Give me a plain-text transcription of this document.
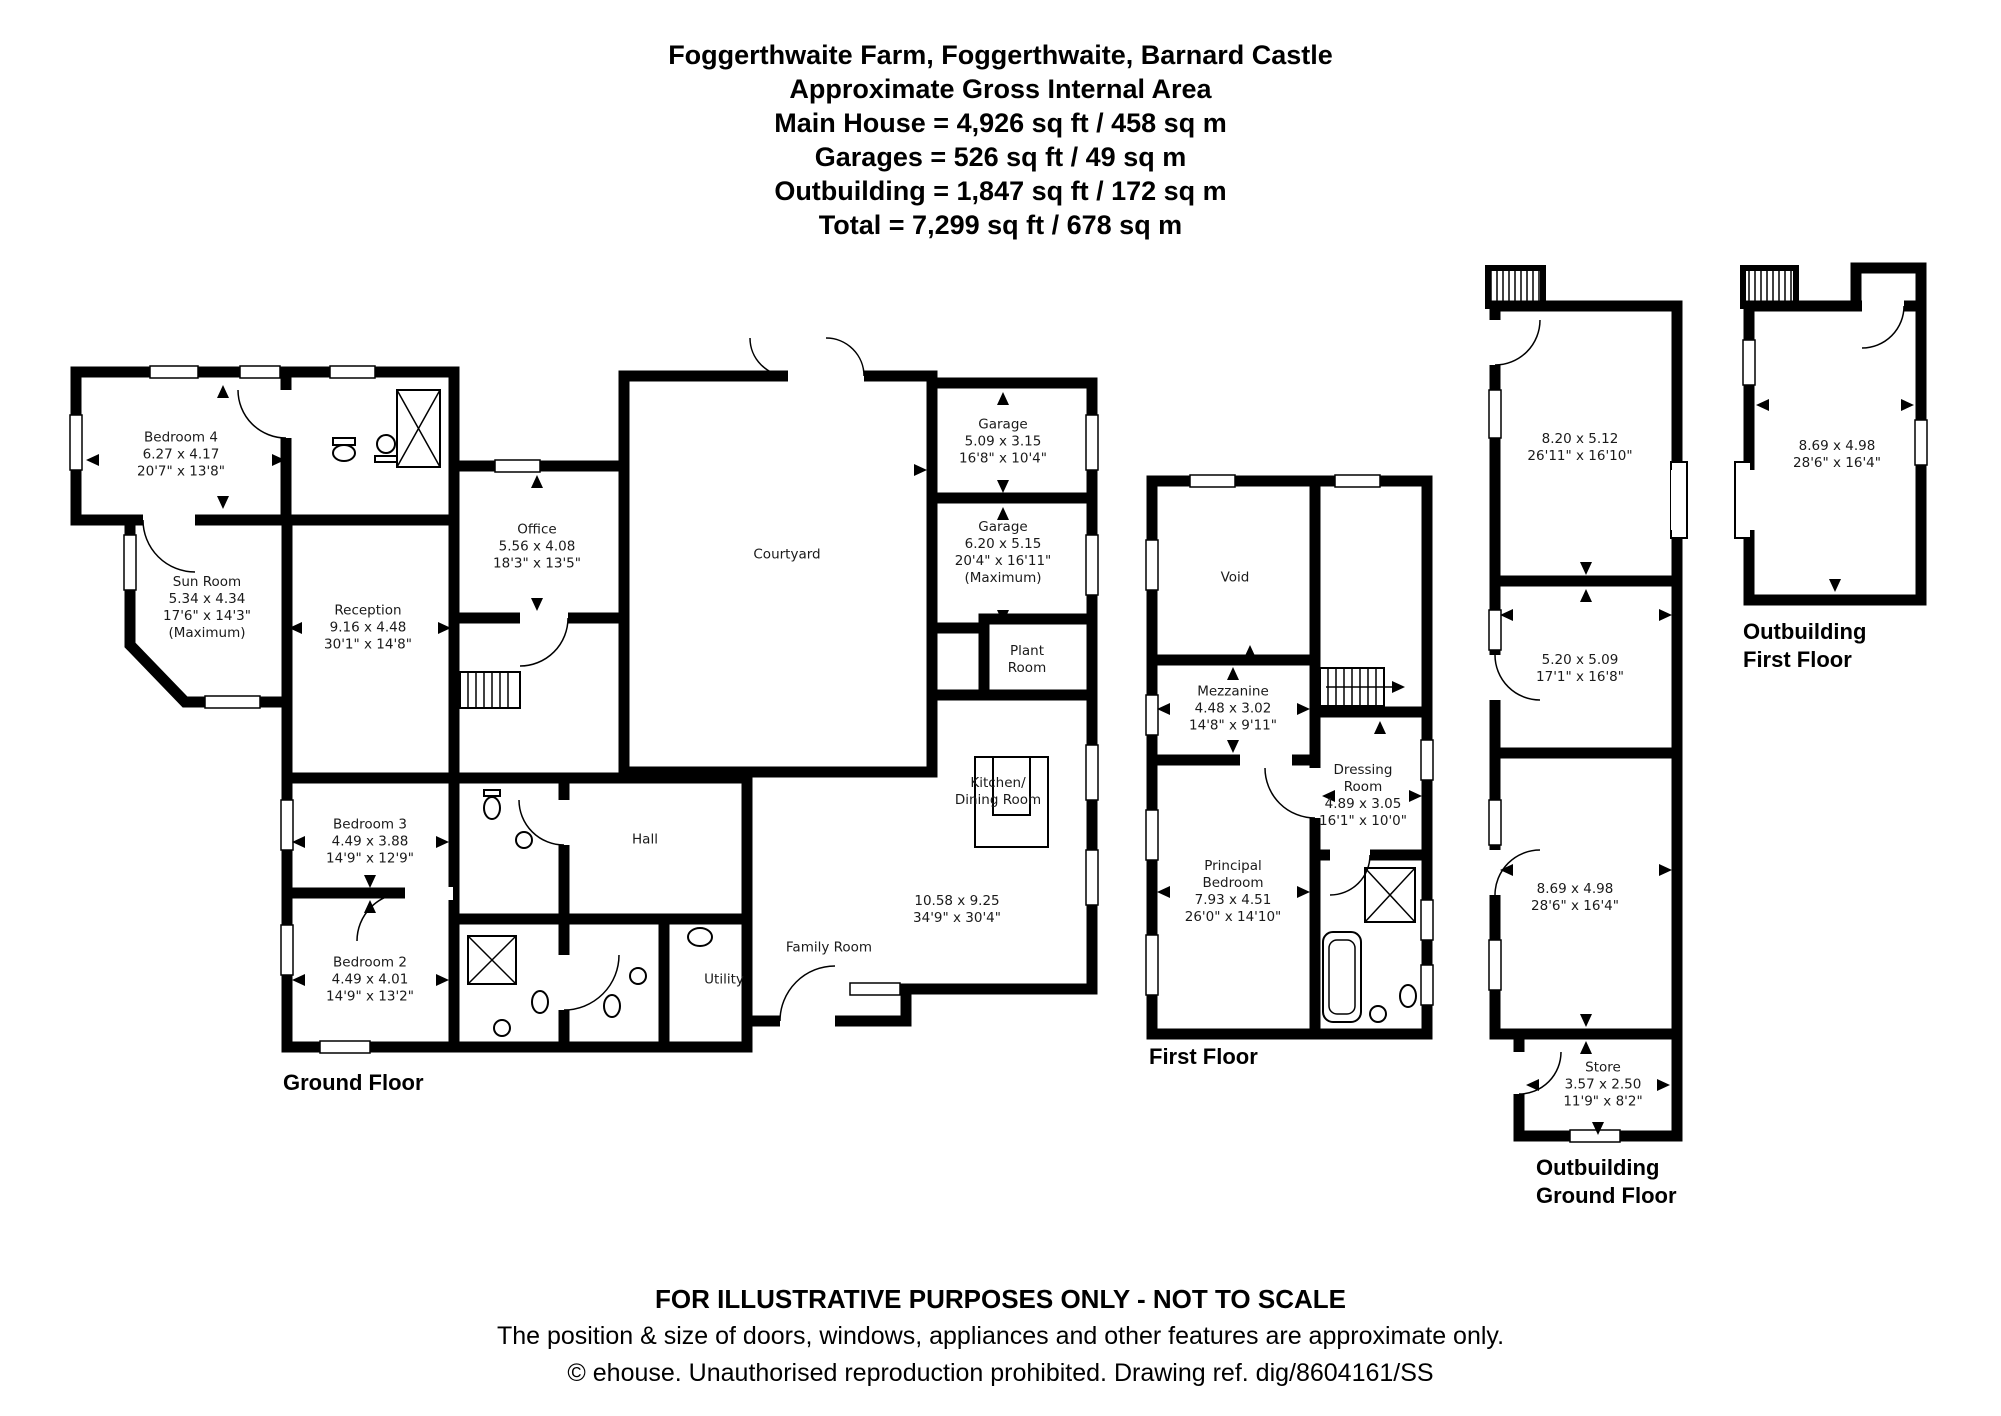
Foggerthwaite Farm, Foggerthwaite, Barnard Castle
Approximate Gross Internal Area
Main House = 4,926 sq ft / 458 sq m
Garages = 526 sq ft / 49 sq m
Outbuilding = 1,847 sq ft / 172 sq m
Total = 7,299 sq ft / 678 sq m
Bedroom 4
6.27 x 4.17
20'7" x 13'8"
Sun Room
5.34 x 4.34
17'6" x 14'3"
(Maximum)
Reception
9.16 x 4.48
30'1" x 14'8"
Office
5.56 x 4.08
18'3" x 13'5"
Courtyard
Garage
5.09 x 3.15
16'8" x 10'4"
Garage
6.20 x 5.15
20'4" x 16'11"
(Maximum)
Plant
Room
Kitchen/
Dining Room
10.58 x 9.25
34'9" x 30'4"
Family Room
Utility
Hall
Bedroom 3
4.49 x 3.88
14'9" x 12'9"
Bedroom 2
4.49 x 4.01
14'9" x 13'2"
Void
Mezzanine
4.48 x 3.02
14'8" x 9'11"
Principal
Bedroom
7.93 x 4.51
26'0" x 14'10"
Dressing
Room
4.89 x 3.05
16'1" x 10'0"
8.20 x 5.12
26'11" x 16'10"
5.20 x 5.09
17'1" x 16'8"
8.69 x 4.98
28'6" x 16'4"
Store
3.57 x 2.50
11'9" x 8'2"
8.69 x 4.98
28'6" x 16'4"
Ground Floor
First Floor
Outbuilding
Ground Floor
Outbuilding
First Floor
FOR ILLUSTRATIVE PURPOSES ONLY - NOT TO SCALE
The position & size of doors, windows, appliances and other features are approximate only.
© ehouse. Unauthorised reproduction prohibited. Drawing ref. dig/8604161/SS
